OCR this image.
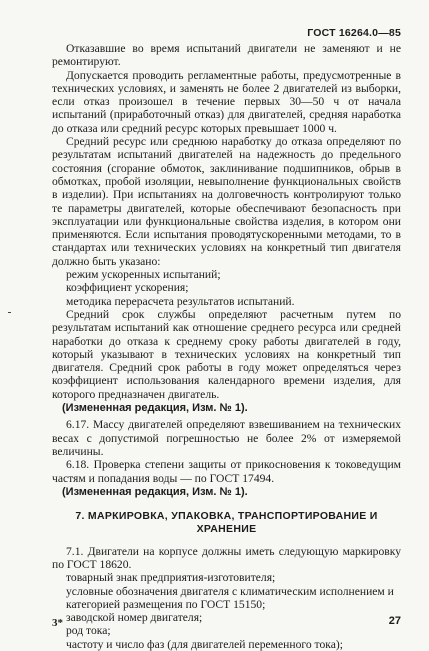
ГОСТ 16264.0—85

Отказавшие во время испытаний двигатели не заменяют и не ремонтируют.

Допускается проводить регламентные работы, предусмотренные в технических условиях, и заменять не более 2 двигателей из выборки, если отказ произошел в течение первых 30—50 ч от начала испытаний (приработочный отказ) для двигателей, средняя наработка до отказа или средний ресурс которых превышает 1000 ч.

Средний ресурс или среднюю наработку до отказа определяют по результатам испытаний двигателей на надежность до предельного состояния (сгорание обмоток, заклинивание подшипников, обрыв в обмотках, пробой изоляции, невыполнение функциональных свойств в изделии). При испытаниях на долговечность контролируют только те параметры двигателей, которые обеспечивают безопасность при эксплуатации или функциональные свойства изделия, в котором они применяются. Если испытания проводятускоренными методами, то в стандартах или технических условиях на конкретный тип двигателя должно быть указано:

режим ускоренных испытаний;

коэффициент ускорения;

методика перерасчета результатов испытаний.

Средний срок службы определяют расчетным путем по результатам испытаний как отношение среднего ресурса или средней наработки до отказа к среднему сроку работы двигателей в году, который указывают в технических условиях на конкретный тип двигателя. Средний срок работы в году может определяться через коэффициент использования календарного времени изделия, для которого предназначен двигатель.

(Измененная редакция, Изм. № 1).

6.17. Массу двигателей определяют взвешиванием на технических весах с допустимой погрешностью не более 2% от измеряемой величины.

6.18. Проверка степени защиты от прикосновения к токоведущим частям и попадания воды — по ГОСТ 17494.

(Измененная редакция, Изм. № 1).

7. МАРКИРОВКА, УПАКОВКА, ТРАНСПОРТИРОВАНИЕ И ХРАНЕНИЕ

7.1. Двигатели на корпусе должны иметь следующую маркировку по ГОСТ 18620.

товарный знак предприятия-изготовителя;

условные обозначения двигателя с климатическим исполнением и категорией размещения по ГОСТ 15150;

заводской номер двигателя;

род тока;

частоту и число фаз (для двигателей переменного тока);

3*	27
